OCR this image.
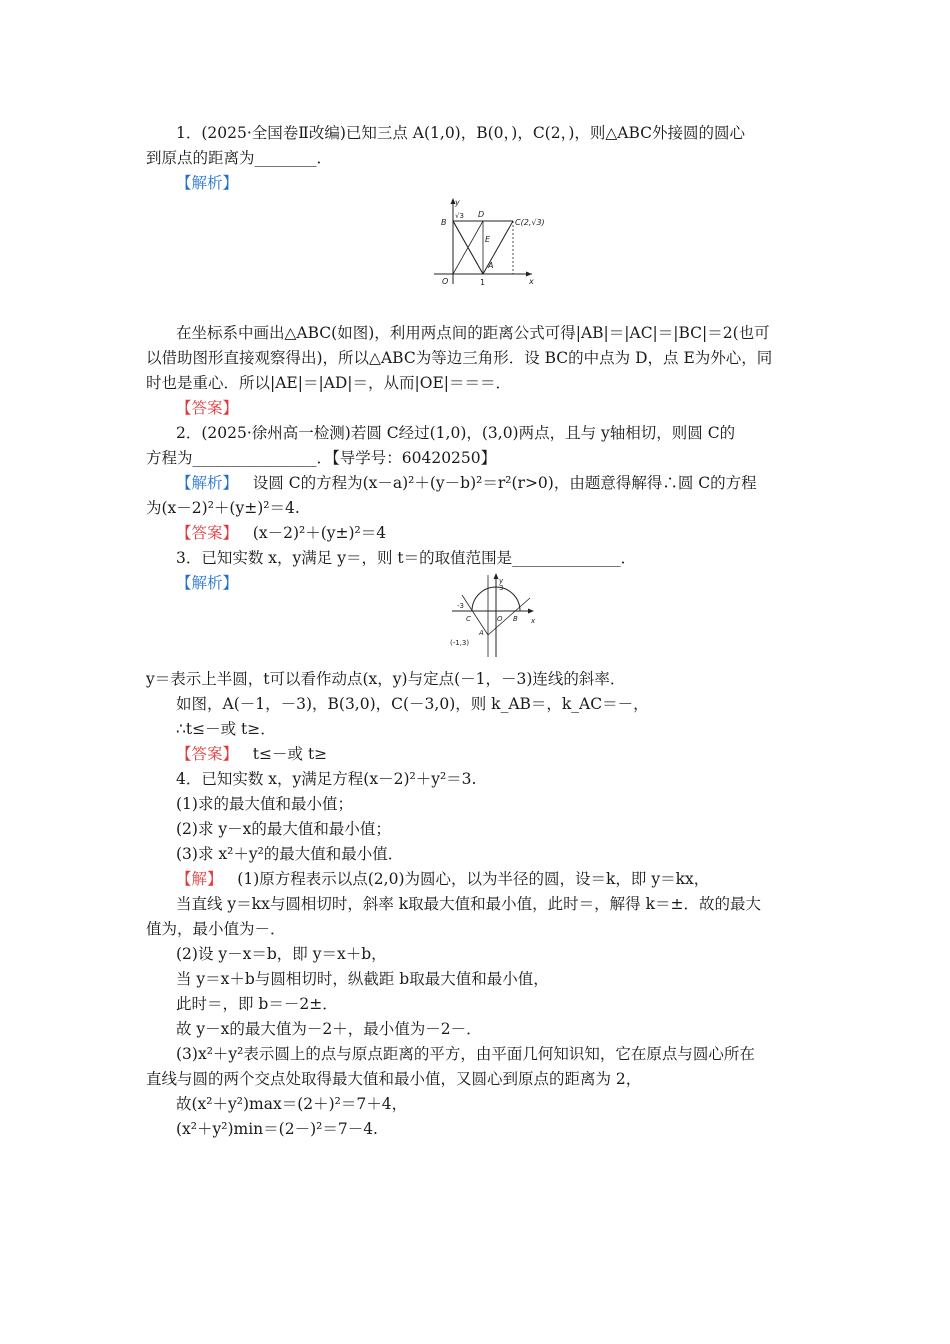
1．(2025·全国卷Ⅱ改编)已知三点 A(1,0)，B(0，)，C(2，)，则△ABC外接圆的圆心
到原点的距离为________．
【解析】
y
x
B
√3 D
C(2,√3)
E
A
O	1
在坐标系中画出△ABC(如图)，利用两点间的距离公式可得|AB|＝|AC|＝|BC|＝2(也可
以借助图形直接观察得出)，所以△ABC为等边三角形．设 BC的中点为 D，点 E为外心，同
时也是重心．所以|AE|＝|AD|＝，从而|OE|＝＝＝．
【答案】
2．(2025·徐州高一检测)若圆 C经过(1,0)，(3,0)两点，且与 y轴相切，则圆 C的
方程为________________．【导学号：60420250】
【解析】 设圆 C的方程为(x－a)²＋(y－b)²＝r²(r>0)，由题意得解得∴圆 C的方程
为(x－2)²＋(y±)²＝4.
【答案】 (x－2)²＋(y±)²＝4
3．已知实数 x，y满足 y＝，则 t＝的取值范围是______________．
【解析】	y
x
3
-3
C	O B
A
(-1,3)
y＝表示上半圆，t可以看作动点(x，y)与定点(－1，－3)连线的斜率．
如图，A(－1，－3)，B(3,0)，C(－3,0)，则 k_AB＝，k_AC＝－，
∴t≤－或 t≥．
【答案】 t≤－或 t≥
4．已知实数 x，y满足方程(x－2)²＋y²＝3.
(1)求的最大值和最小值；
(2)求 y－x的最大值和最小值；
(3)求 x²＋y²的最大值和最小值．
【解】 (1)原方程表示以点(2,0)为圆心，以为半径的圆，设＝k，即 y＝kx，
当直线 y＝kx与圆相切时，斜率 k取最大值和最小值，此时＝，解得 k＝±．故的最大
值为，最小值为－．
(2)设 y－x＝b，即 y＝x＋b，
当 y＝x＋b与圆相切时，纵截距 b取最大值和最小值，
此时＝，即 b＝－2±．
故 y－x的最大值为－2＋，最小值为－2－．
(3)x²＋y²表示圆上的点与原点距离的平方，由平面几何知识知，它在原点与圆心所在
直线与圆的两个交点处取得最大值和最小值，又圆心到原点的距离为 2，
故(x²＋y²)max＝(2＋)²＝7＋4，
(x²＋y²)min＝(2－)²＝7－4.
